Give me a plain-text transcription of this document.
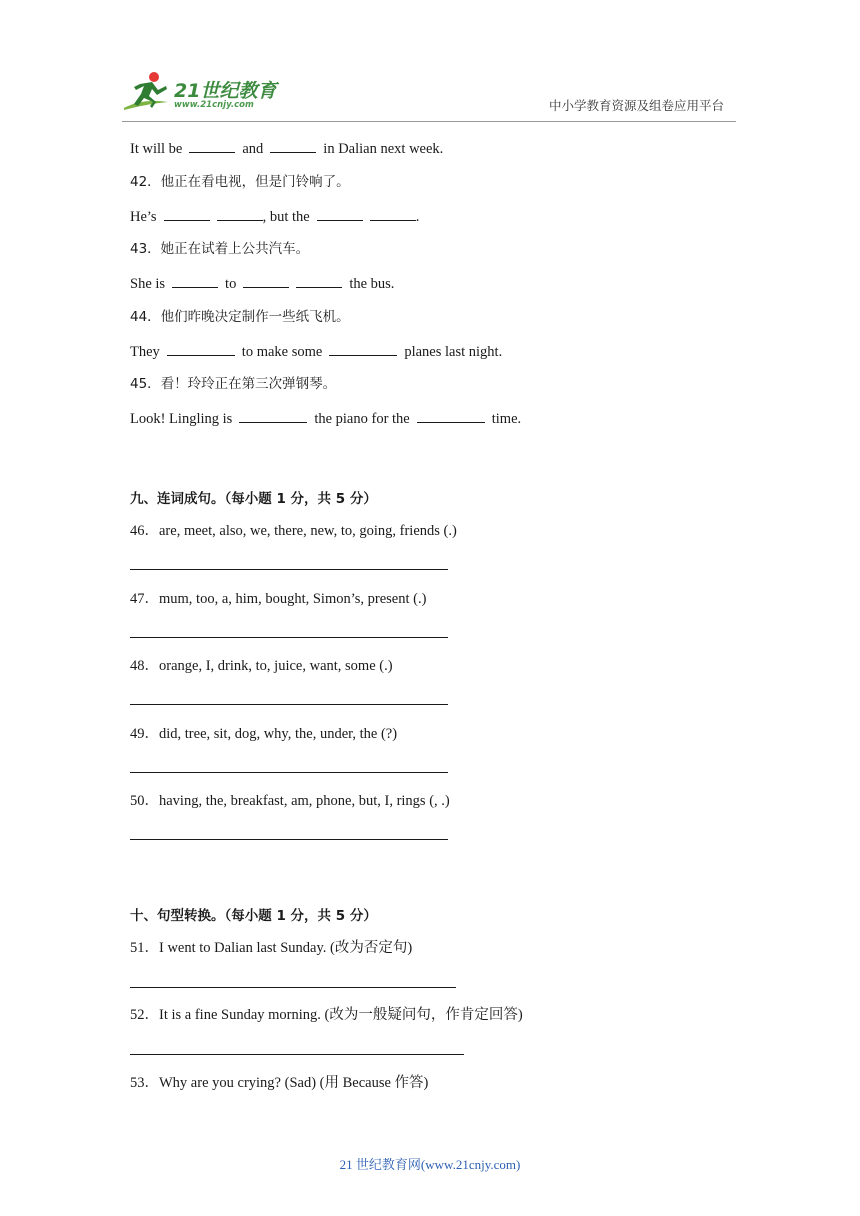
21世纪教育
www.21cnjy.com	中小学教育资源及组卷应用平台
It will be	and	in Dalian next week.
42．他正在看电视，但是门铃响了。
He’s	, but the	.
43．她正在试着上公共汽车。
She is	to	the bus.
44．他们昨晚决定制作一些纸飞机。
They	to make some	planes last night.
45．看！玲玲正在第三次弹钢琴。
Look! Lingling is	the piano for the	time.
九、连词成句。（每小题 1 分，共 5 分）
46．are, meet, also, we, there, new, to, going, friends (.)
47．mum, too, a, him, bought, Simon’s, present (.)
48．orange, I, drink, to, juice, want, some (.)
49．did, tree, sit, dog, why, the, under, the (?)
50．having, the, breakfast, am, phone, but, I, rings (, .)
十、句型转换。（每小题 1 分，共 5 分）
51．I went to Dalian last Sunday. (改为否定句)
52．It is a fine Sunday morning. (改为一般疑问句，作肯定回答)
53．Why are you crying? (Sad) (用 Because 作答)
21 世纪教育网(www.21cnjy.com)
